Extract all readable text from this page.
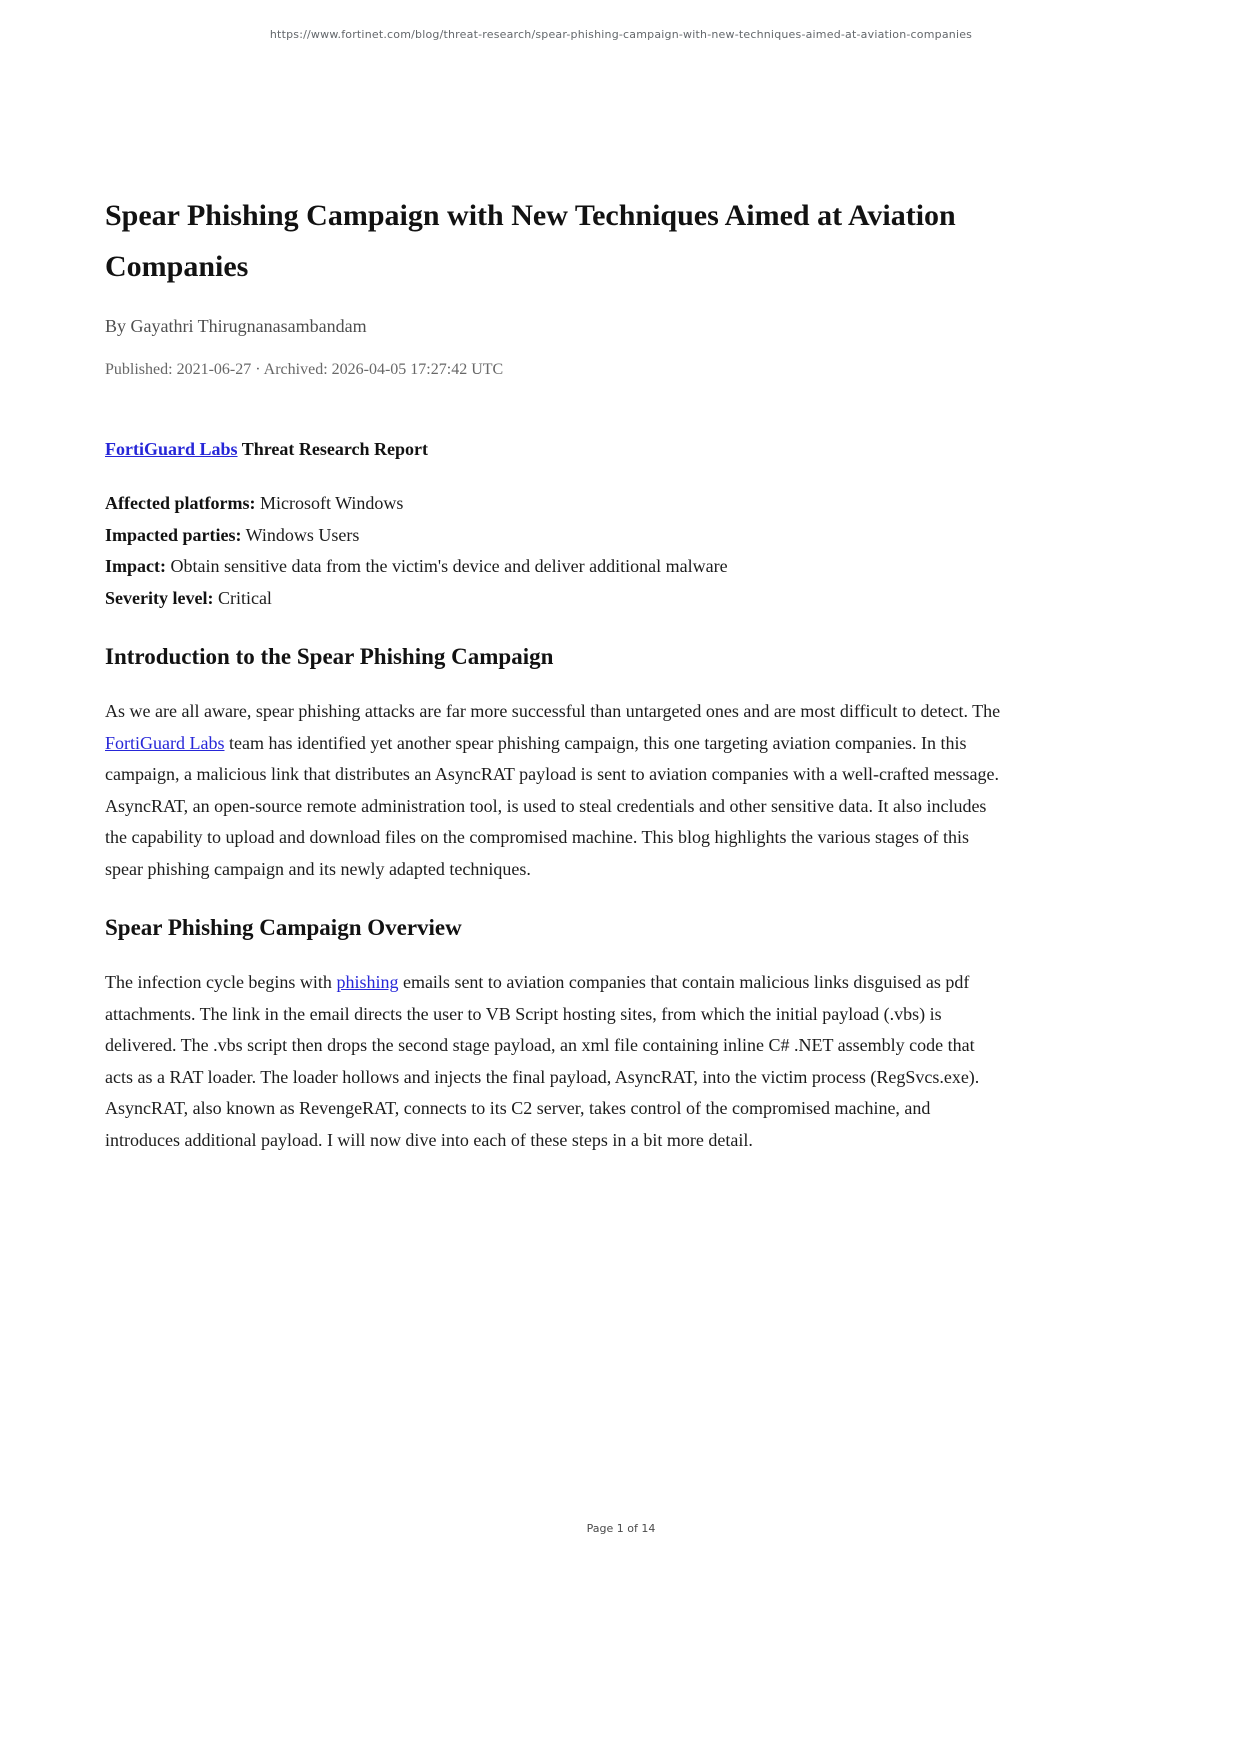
https://www.fortinet.com/blog/threat-research/spear-phishing-campaign-with-new-techniques-aimed-at-aviation-companies
Spear Phishing Campaign with New Techniques Aimed at Aviation Companies
By Gayathri Thirugnanasambandam
Published: 2021-06-27 · Archived: 2026-04-05 17:27:42 UTC

FortiGuard Labs Threat Research Report

Affected platforms: Microsoft Windows
Impacted parties: Windows Users
Impact: Obtain sensitive data from the victim's device and deliver additional malware
Severity level: Critical
Introduction to the Spear Phishing Campaign

As we are all aware, spear phishing attacks are far more successful than untargeted ones and are most difficult to detect. The FortiGuard Labs team has identified yet another spear phishing campaign, this one targeting aviation companies. In this campaign, a malicious link that distributes an AsyncRAT payload is sent to aviation companies with a well-crafted message. AsyncRAT, an open-source remote administration tool, is used to steal credentials and other sensitive data. It also includes the capability to upload and download files on the compromised machine. This blog highlights the various stages of this spear phishing campaign and its newly adapted techniques.

Spear Phishing Campaign Overview

The infection cycle begins with phishing emails sent to aviation companies that contain malicious links disguised as pdf attachments. The link in the email directs the user to VB Script hosting sites, from which the initial payload (.vbs) is delivered. The .vbs script then drops the second stage payload, an xml file containing inline C# .NET assembly code that acts as a RAT loader. The loader hollows and injects the final payload, AsyncRAT, into the victim process (RegSvcs.exe). AsyncRAT, also known as RevengeRAT, connects to its C2 server, takes control of the compromised machine, and introduces additional payload. I will now dive into each of these steps in a bit more detail.

Page 1 of 14
